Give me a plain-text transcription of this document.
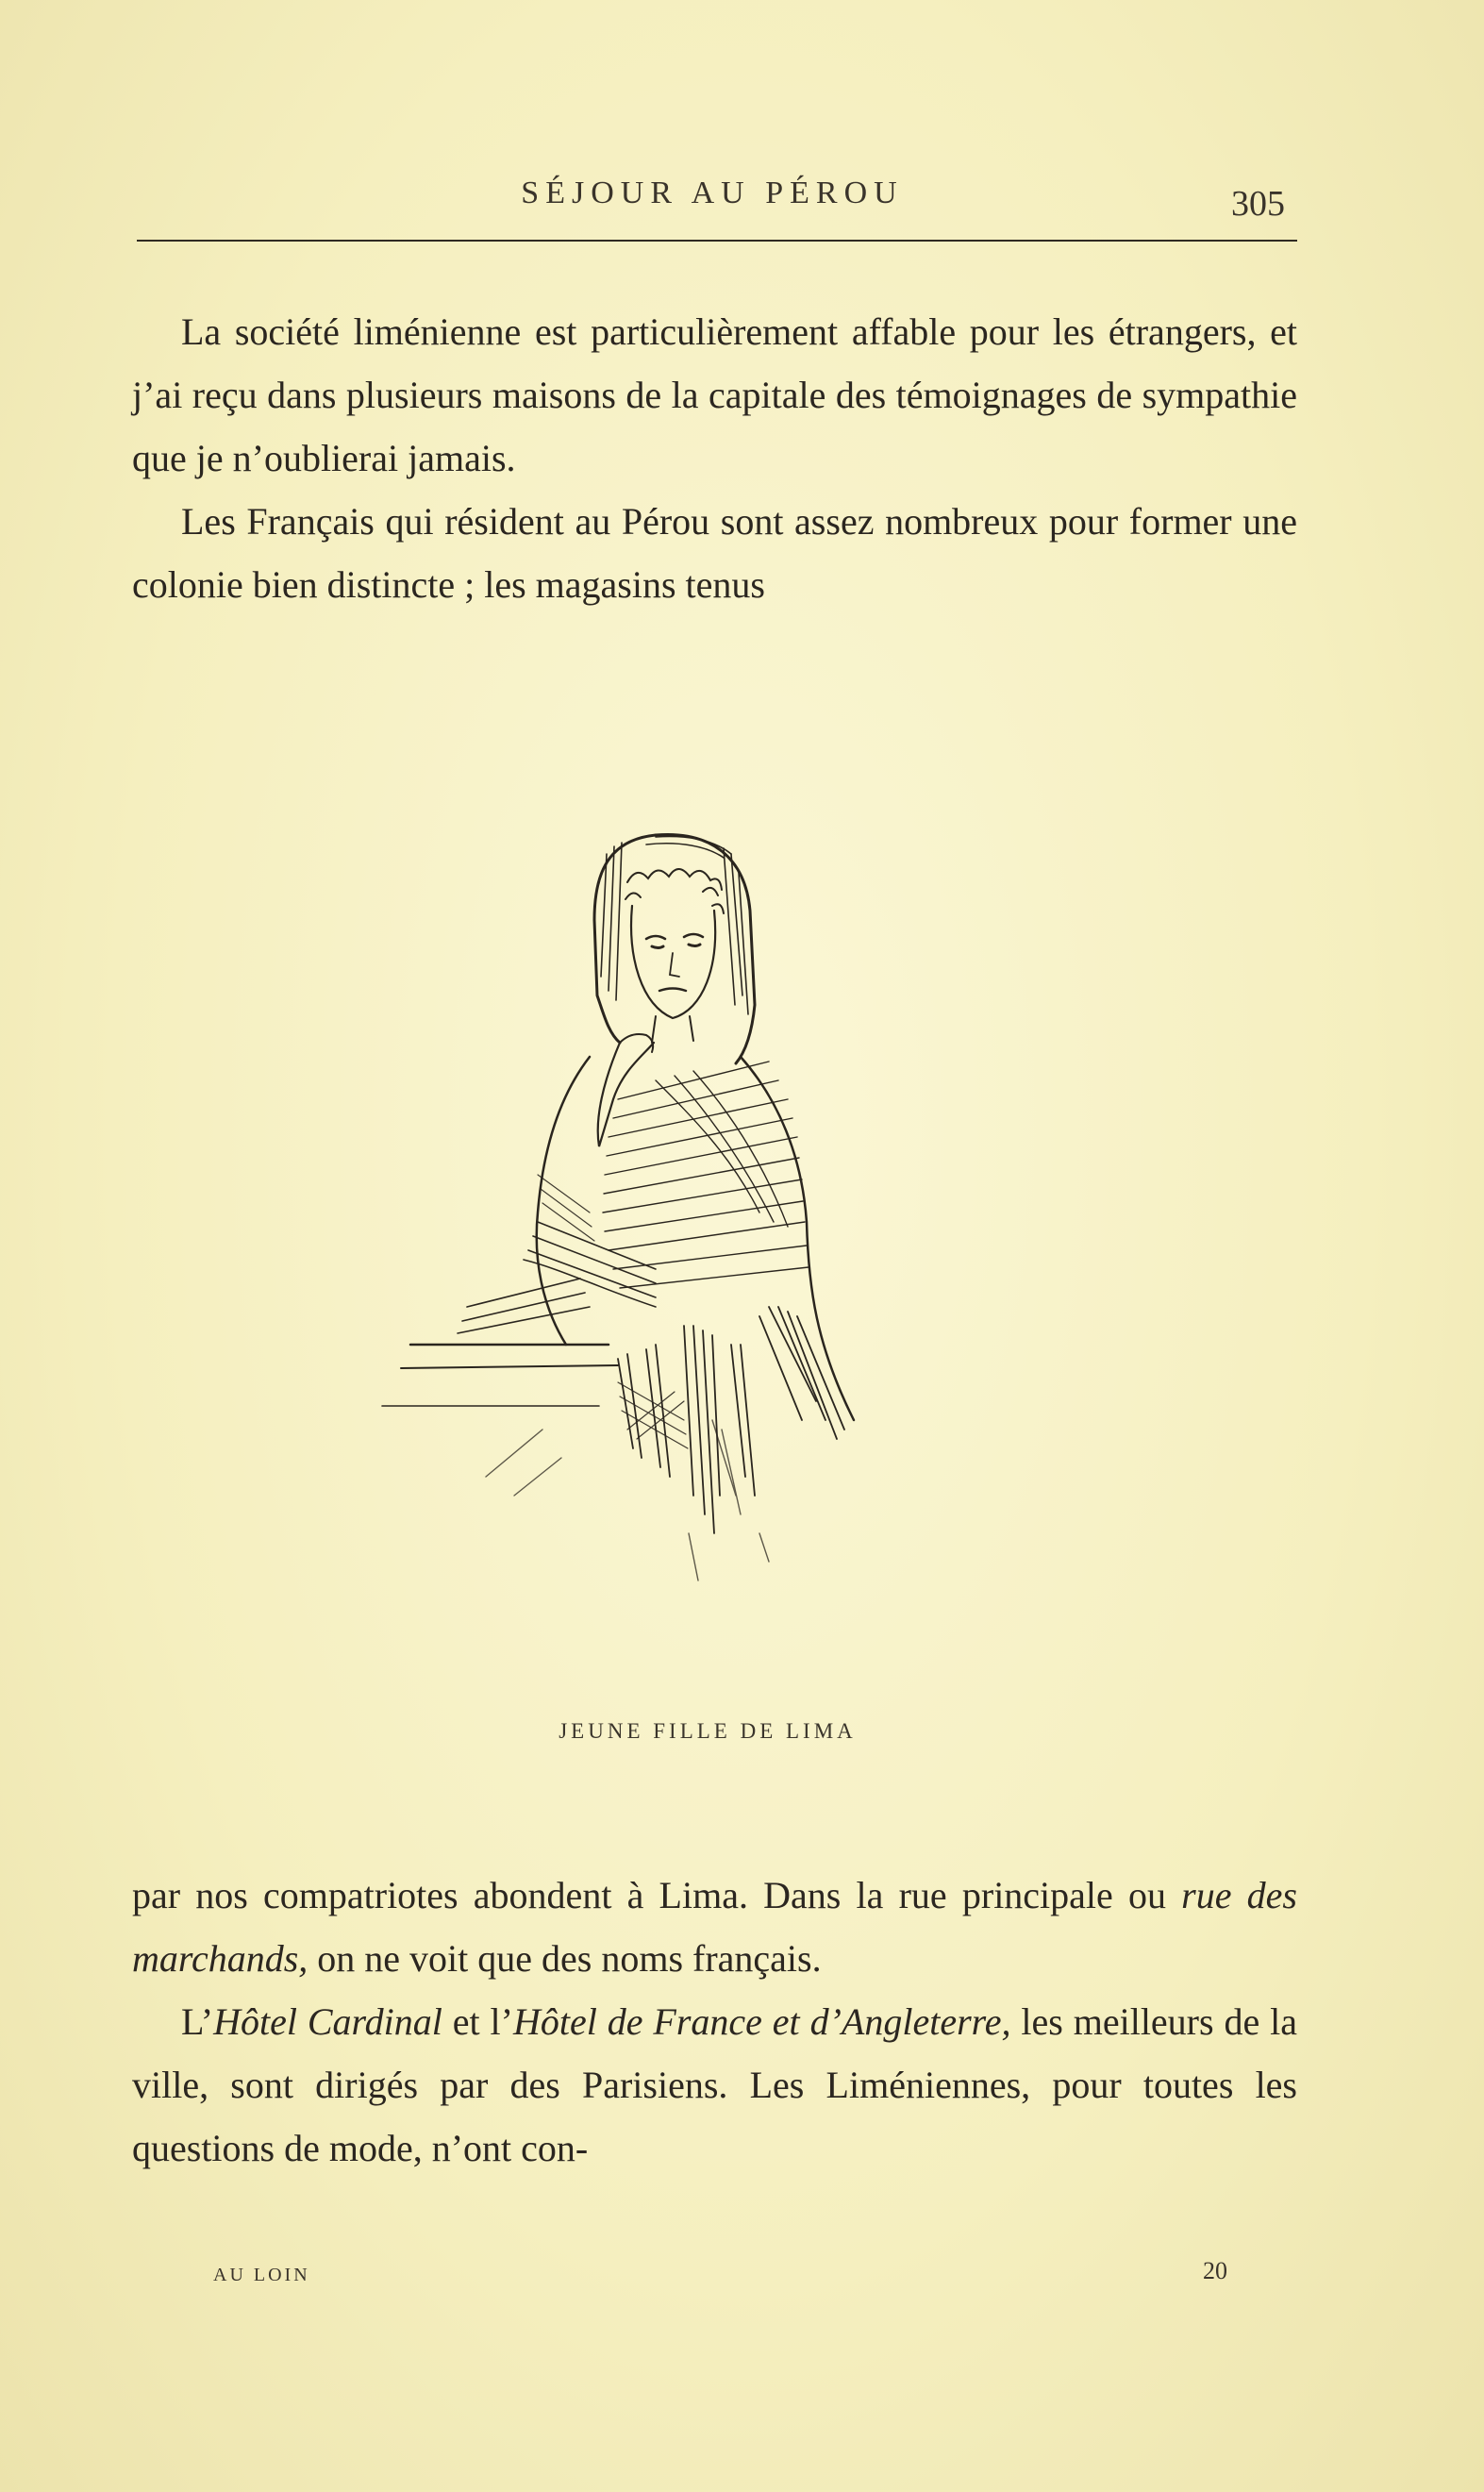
SÉJOUR AU PÉROU	305

La société liménienne est particulièrement affable pour les étrangers, et j’ai reçu dans plusieurs maisons de la capitale des témoignages de sympathie que je n’oublierai jamais.

Les Français qui résident au Pérou sont assez nombreux pour former une colonie bien distincte ; les magasins tenus

JEUNE FILLE DE LIMA

par nos compatriotes abondent à Lima. Dans la rue principale ou rue des marchands, on ne voit que des noms français.

L’Hôtel Cardinal et l’Hôtel de France et d’Angleterre, les meilleurs de la ville, sont dirigés par des Parisiens. Les Liméniennes, pour toutes les questions de mode, n’ont con-

AU LOIN	20
